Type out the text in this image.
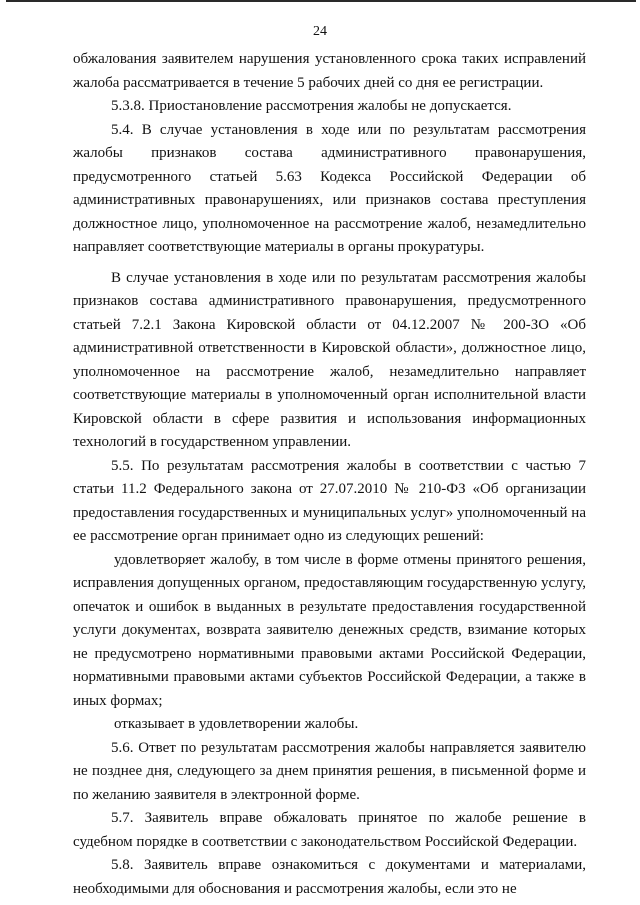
24

обжалования заявителем нарушения установленного срока таких исправлений жалоба рассматривается в течение 5 рабочих дней со дня ее регистрации.

5.3.8. Приостановление рассмотрения жалобы не допускается.

5.4. В случае установления в ходе или по результатам рассмотрения жалобы признаков состава административного правонарушения, предусмотренного статьей 5.63 Кодекса Российской Федерации об административных правонарушениях, или признаков состава преступления должностное лицо, уполномоченное на рассмотрение жалоб, незамедлительно направляет соответствующие материалы в органы прокуратуры.

В случае установления в ходе или по результатам рассмотрения жалобы признаков состава административного правонарушения, предусмотренного статьей 7.2.1 Закона Кировской области от 04.12.2007 № 200-ЗО «Об административной ответственности в Кировской области», должностное лицо, уполномоченное на рассмотрение жалоб, незамедлительно направляет соответствующие материалы в уполномоченный орган исполнительной власти Кировской области в сфере развития и использования информационных технологий в государственном управлении.

5.5. По результатам рассмотрения жалобы в соответствии с частью 7 статьи 11.2 Федерального закона от 27.07.2010 № 210-ФЗ «Об организации предоставления государственных и муниципальных услуг» уполномоченный на ее рассмотрение орган принимает одно из следующих решений:

удовлетворяет жалобу, в том числе в форме отмены принятого решения, исправления допущенных органом, предоставляющим государственную услугу, опечаток и ошибок в выданных в результате предоставления государственной услуги документах, возврата заявителю денежных средств, взимание которых не предусмотрено нормативными правовыми актами Российской Федерации, нормативными правовыми актами субъектов Российской Федерации, а также в иных формах;

отказывает в удовлетворении жалобы.

5.6. Ответ по результатам рассмотрения жалобы направляется заявителю не позднее дня, следующего за днем принятия решения, в письменной форме и по желанию заявителя в электронной форме.

5.7. Заявитель вправе обжаловать принятое по жалобе решение в судебном порядке в соответствии с законодательством Российской Федерации.

5.8. Заявитель вправе ознакомиться с документами и материалами, необходимыми для обоснования и рассмотрения жалобы, если это не
